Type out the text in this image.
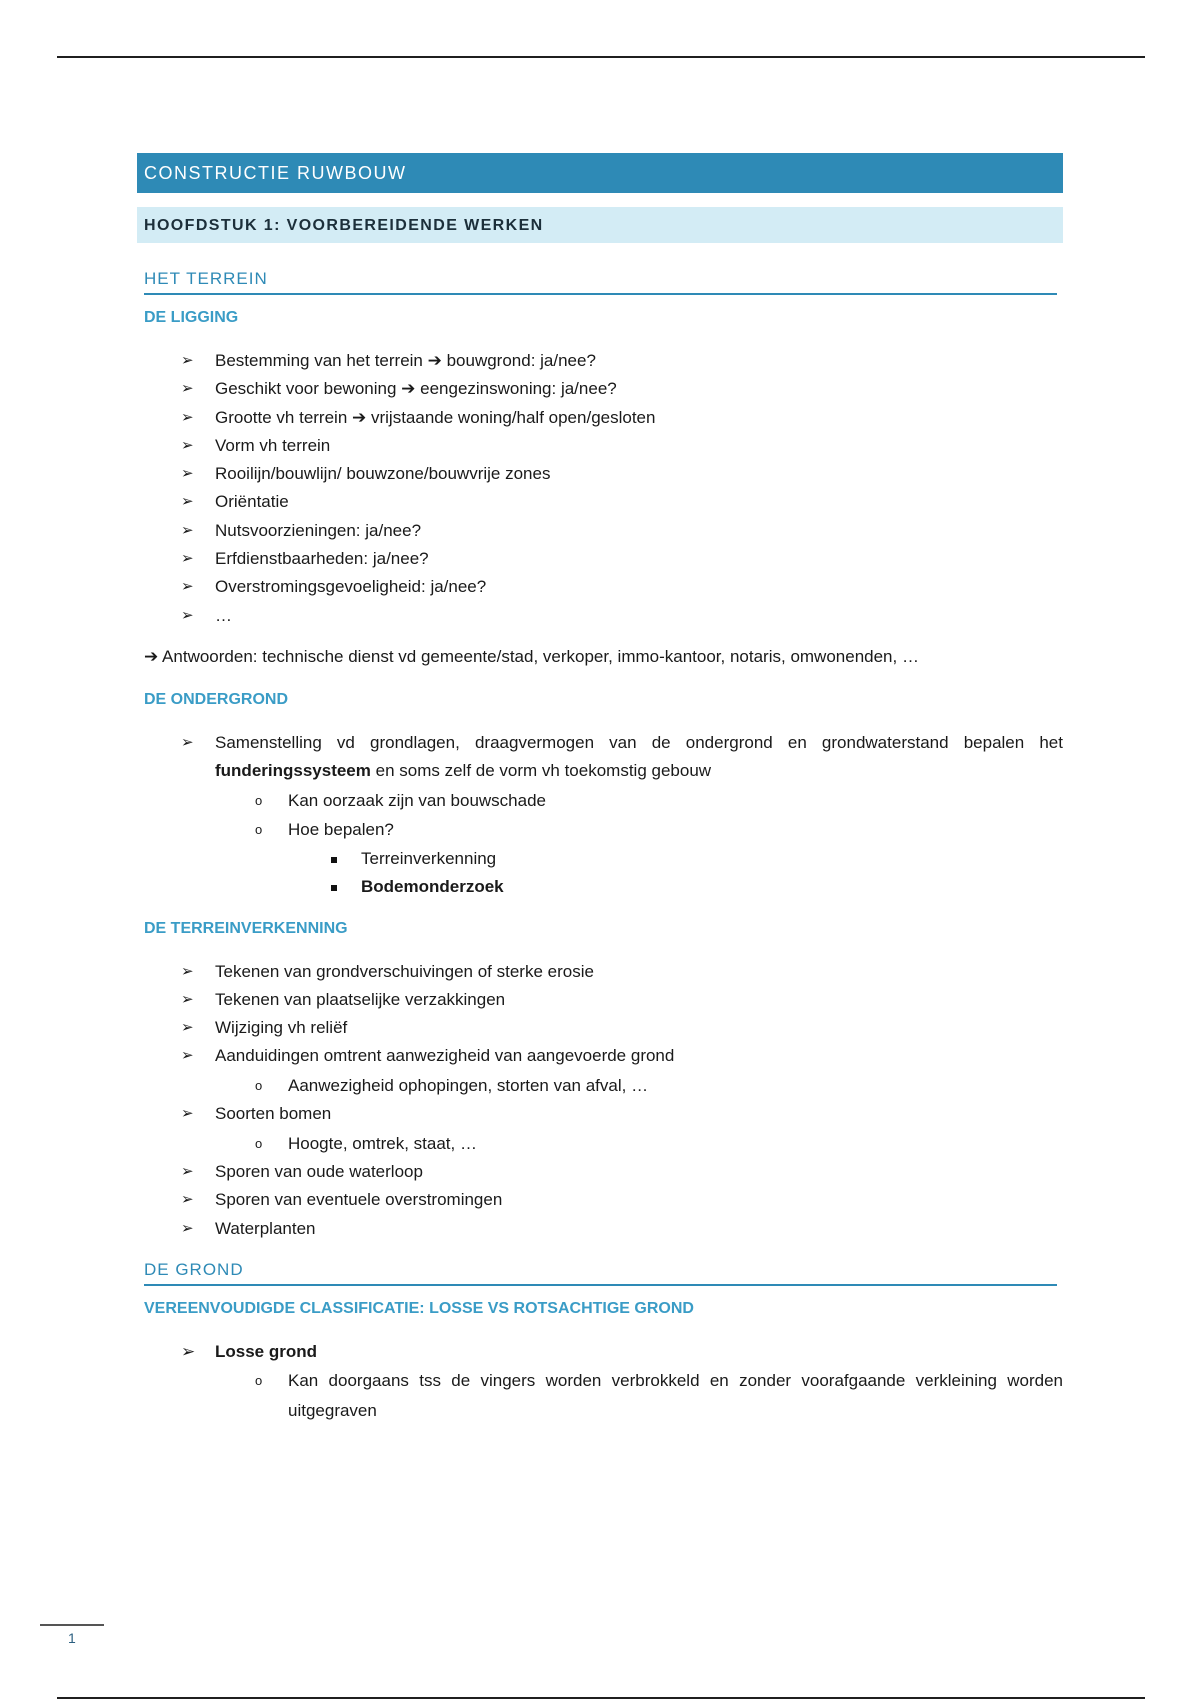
CONSTRUCTIE RUWBOUW
HOOFDSTUK 1: VOORBEREIDENDE WERKEN
HET TERREIN
DE LIGGING
➢ Bestemming van het terrein ➔ bouwgrond: ja/nee?
➢ Geschikt voor bewoning ➔ eengezinswoning: ja/nee?
➢ Grootte vh terrein ➔ vrijstaande woning/half open/gesloten
➢ Vorm vh terrein
➢ Rooilijn/bouwlijn/ bouwzone/bouwvrije zones
➢ Oriëntatie
➢ Nutsvoorzieningen: ja/nee?
➢ Erfdienstbaarheden: ja/nee?
➢ Overstromingsgevoeligheid: ja/nee?
➢ …
➔ Antwoorden: technische dienst vd gemeente/stad, verkoper, immo-kantoor, notaris, omwonenden, …
DE ONDERGROND
➢ Samenstelling vd grondlagen, draagvermogen van de ondergrond en grondwaterstand bepalen het funderingssysteem en soms zelf de vorm vh toekomstig gebouw
o Kan oorzaak zijn van bouwschade
o Hoe bepalen?
Terreinverkenning
Bodemonderzoek
DE TERREINVERKENNING
➢ Tekenen van grondverschuivingen of sterke erosie
➢ Tekenen van plaatselijke verzakkingen
➢ Wijziging vh reliëf
➢ Aanduidingen omtrent aanwezigheid van aangevoerde grond
o Aanwezigheid ophopingen, storten van afval, …
➢ Soorten bomen
o Hoogte, omtrek, staat, …
➢ Sporen van oude waterloop
➢ Sporen van eventuele overstromingen
➢ Waterplanten
DE GROND
VEREENVOUDIGDE CLASSIFICATIE: LOSSE VS ROTSACHTIGE GROND
➢ Losse grond
o Kan doorgaans tss de vingers worden verbrokkeld en zonder voorafgaande verkleining worden uitgegraven
1
